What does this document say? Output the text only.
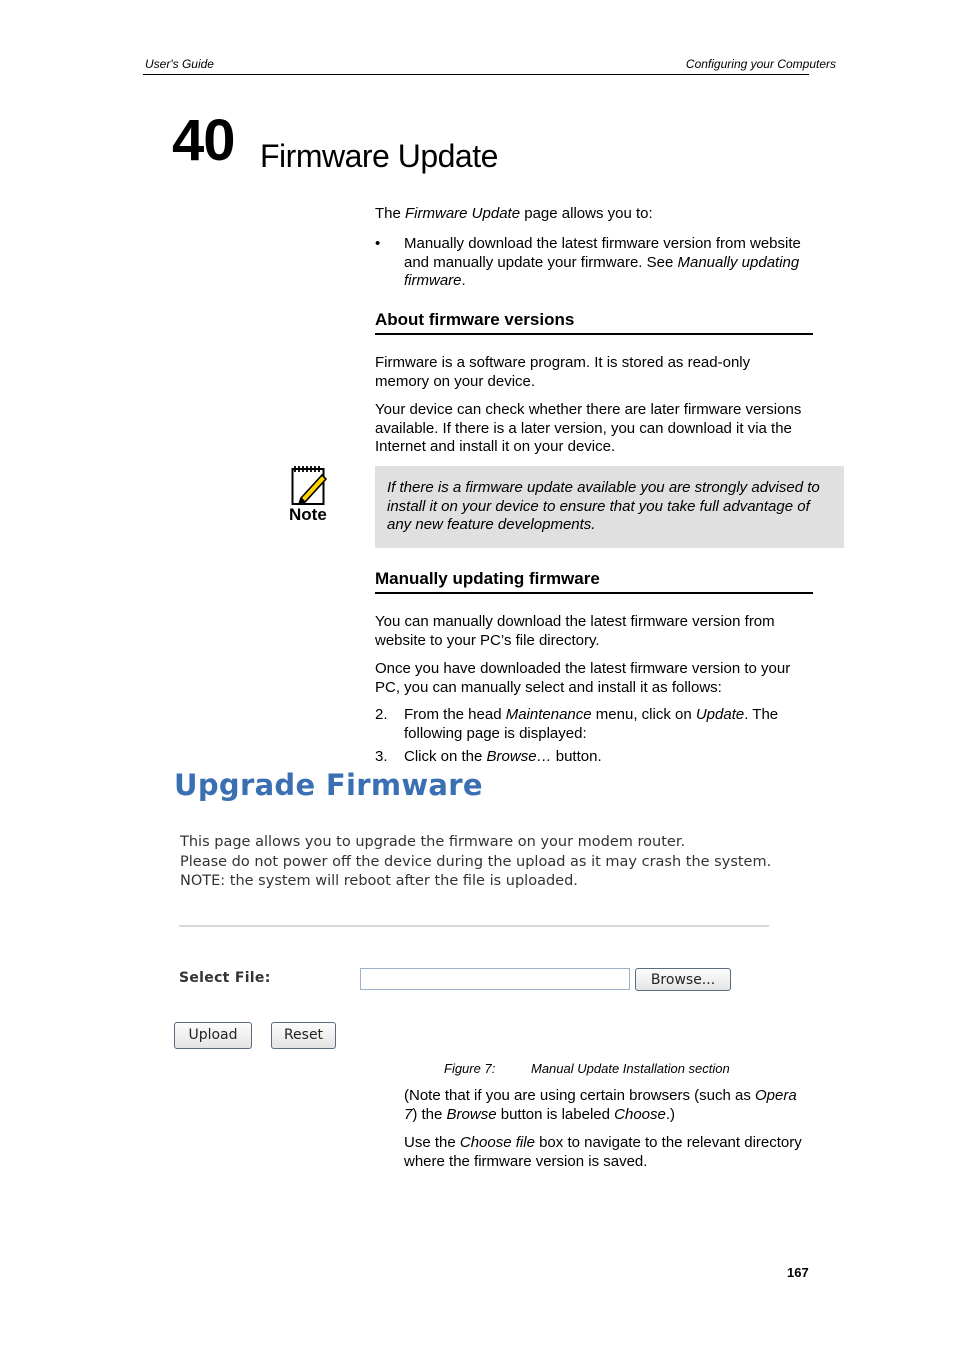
User's Guide	Configuring your Computers
40 Firmware Update
The Firmware Update page allows you to:
• Manually download the latest firmware version from website and manually update your firmware. See Manually updating firmware.
About firmware versions
Firmware is a software program. It is stored as read-only memory on your device.
Your device can check whether there are later firmware versions available. If there is a later version, you can download it via the Internet and install it on your device.
Note
If there is a firmware update available you are strongly advised to install it on your device to ensure that you take full advantage of any new feature developments.
Manually updating firmware
You can manually download the latest firmware version from website to your PC’s file directory.
Once you have downloaded the latest firmware version to your PC, you can manually select and install it as follows:
2. From the head Maintenance menu, click on Update. The following page is displayed:
3. Click on the Browse… button.
Upgrade Firmware
This page allows you to upgrade the firmware on your modem router.
Please do not power off the device during the upload as it may crash the system.
NOTE: the system will reboot after the file is uploaded.
Select File:	Browse...
Upload	Reset
Figure 7:	Manual Update Installation section
(Note that if you are using certain browsers (such as Opera 7) the Browse button is labeled Choose.)
Use the Choose file box to navigate to the relevant directory where the firmware version is saved.
167
